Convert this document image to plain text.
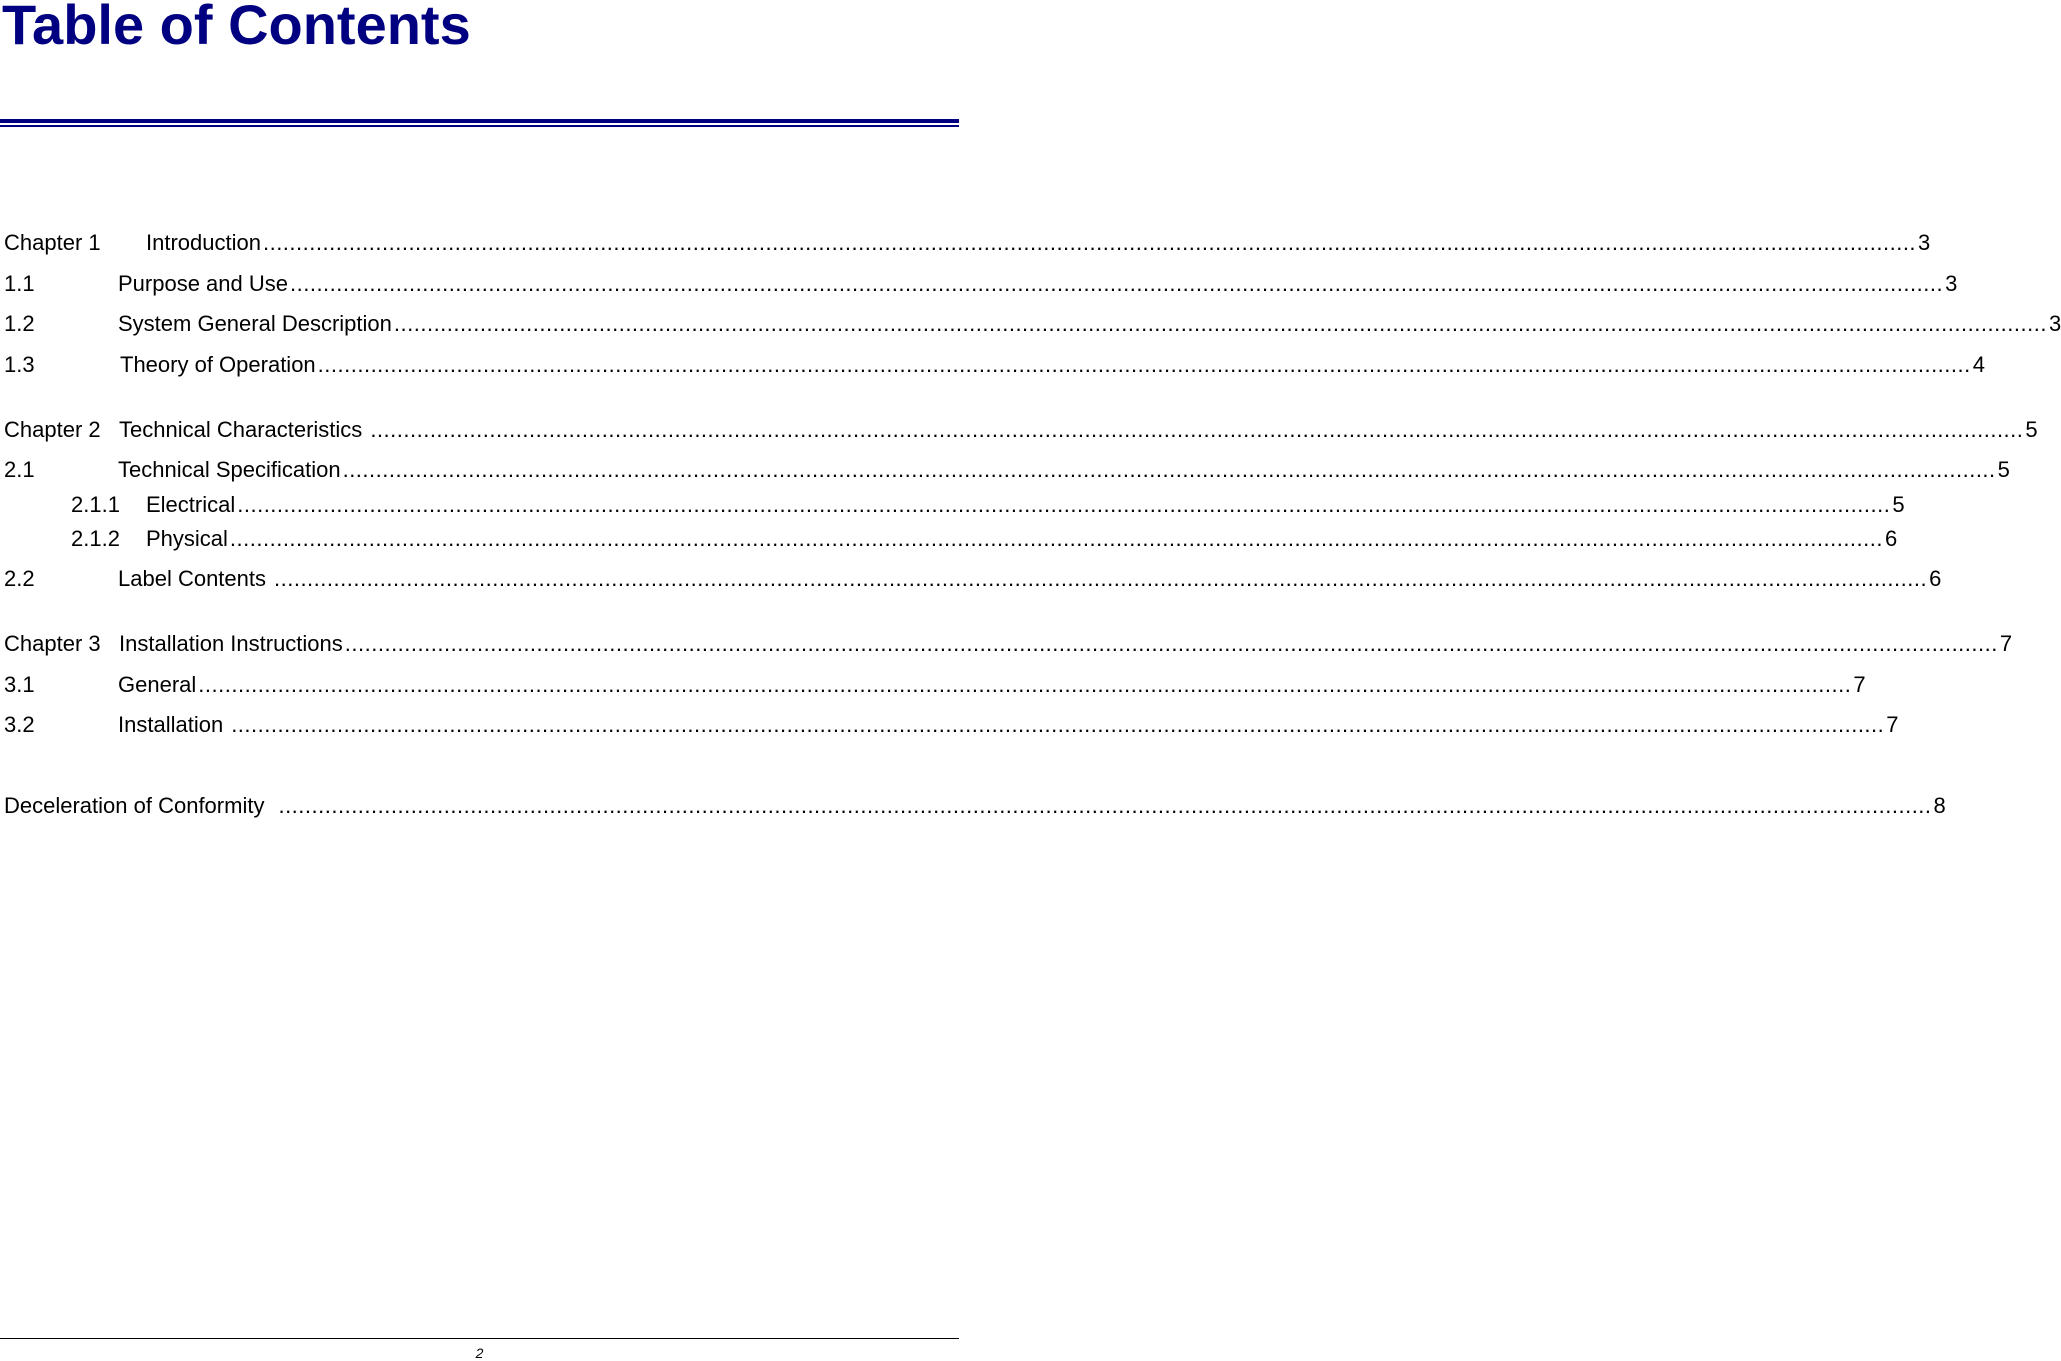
Table of Contents
Chapter 1 Introduction .......................................................................................................................................................................................................................................................... 3
1.1	Purpose and Use .......................................................................................................................................................................................................................................................... 3
1.2	System General Description .......................................................................................................................................................................................................................................................... 3
1.3	Theory of Operation .......................................................................................................................................................................................................................................................... 4
Chapter 2 Technical Characteristics .......................................................................................................................................................................................................................................................... 5
2.1	Technical Specification .......................................................................................................................................................................................................................................................... 5
2.1.1 Electrical .......................................................................................................................................................................................................................................................... 5
2.1.2 Physical .......................................................................................................................................................................................................................................................... 6
2.2	Label Contents .......................................................................................................................................................................................................................................................... 6
Chapter 3 Installation Instructions .......................................................................................................................................................................................................................................................... 7
3.1	General .......................................................................................................................................................................................................................................................... 7
3.2	Installation .......................................................................................................................................................................................................................................................... 7
Deceleration of Conformity .......................................................................................................................................................................................................................................................... 8
2
